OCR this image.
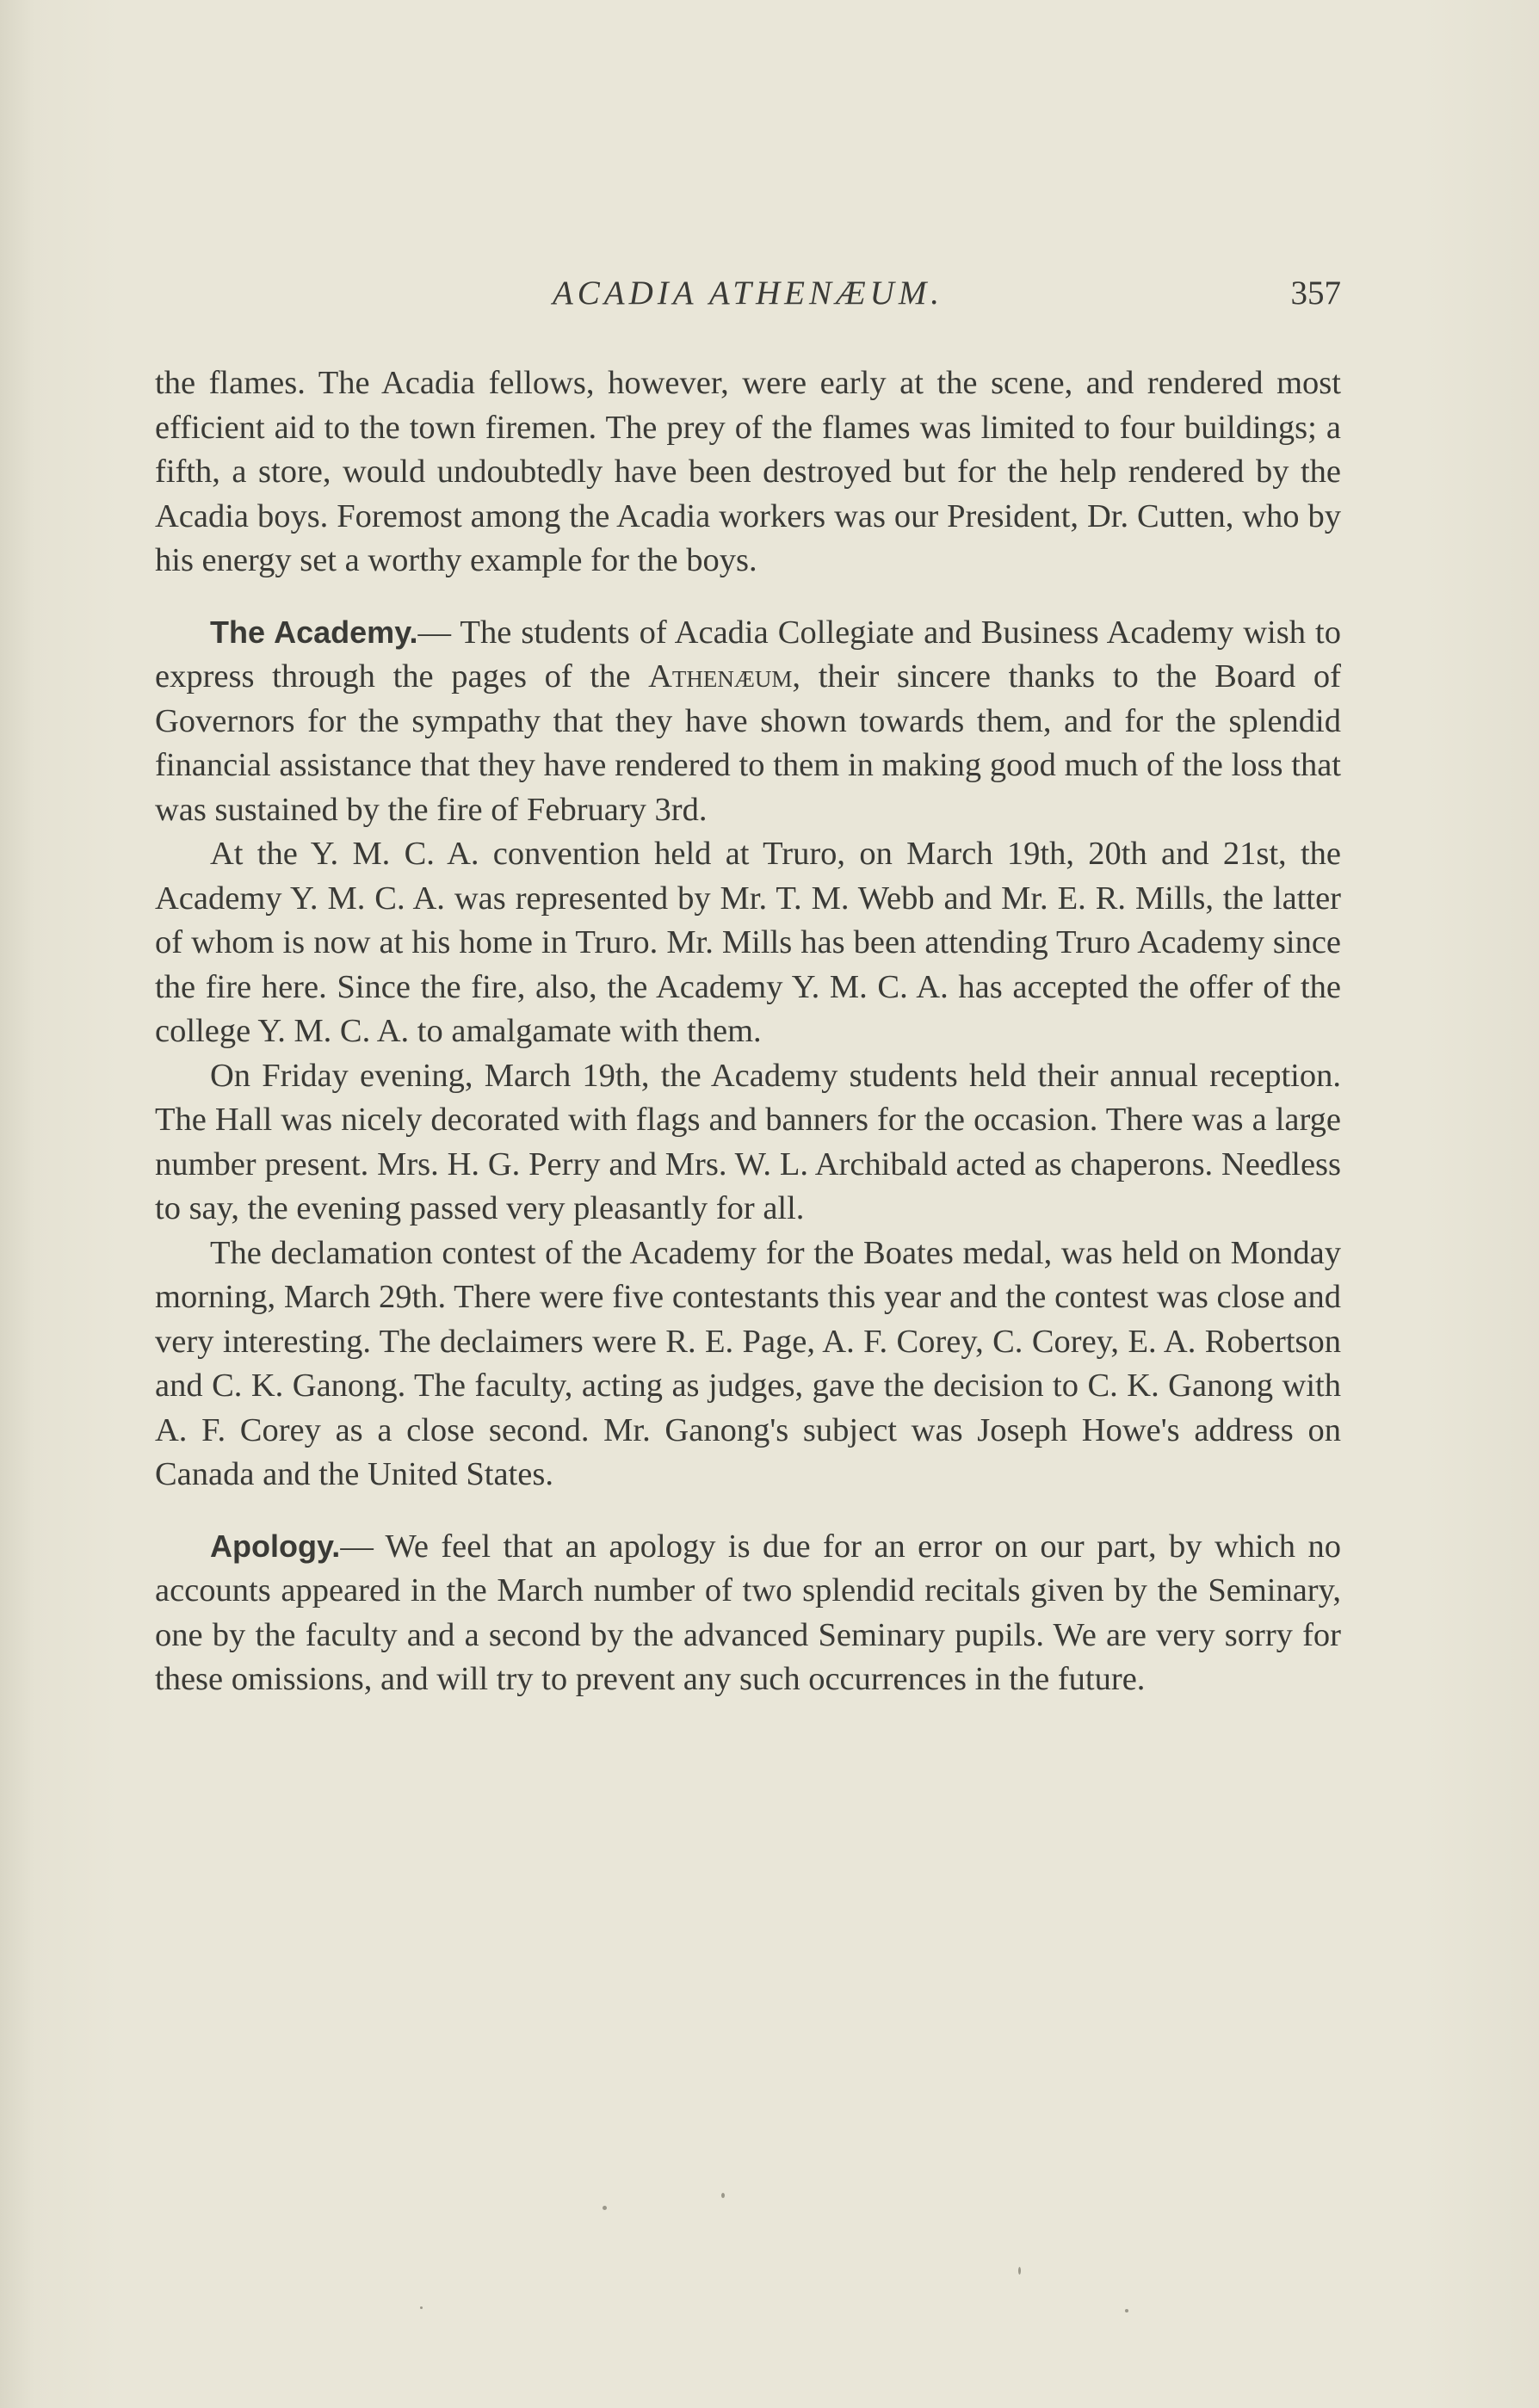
ACADIA ATHENÆUM.	357

the flames. The Acadia fellows, however, were early at the scene, and rendered most efficient aid to the town firemen. The prey of the flames was limited to four buildings; a fifth, a store, would undoubtedly have been destroyed but for the help rendered by the Acadia boys. Foremost among the Acadia workers was our President, Dr. Cutten, who by his energy set a worthy example for the boys.

The Academy.— The students of Acadia Collegiate and Business Academy wish to express through the pages of the Athenæum, their sincere thanks to the Board of Governors for the sympathy that they have shown towards them, and for the splendid financial assistance that they have rendered to them in making good much of the loss that was sustained by the fire of February 3rd.

At the Y. M. C. A. convention held at Truro, on March 19th, 20th and 21st, the Academy Y. M. C. A. was represented by Mr. T. M. Webb and Mr. E. R. Mills, the latter of whom is now at his home in Truro. Mr. Mills has been attending Truro Academy since the fire here. Since the fire, also, the Academy Y. M. C. A. has accepted the offer of the college Y. M. C. A. to amalgamate with them.

On Friday evening, March 19th, the Academy students held their annual reception. The Hall was nicely decorated with flags and banners for the occasion. There was a large number present. Mrs. H. G. Perry and Mrs. W. L. Archibald acted as chaperons. Needless to say, the evening passed very pleasantly for all.

The declamation contest of the Academy for the Boates medal, was held on Monday morning, March 29th. There were five contestants this year and the contest was close and very interesting. The declaimers were R. E. Page, A. F. Corey, C. Corey, E. A. Robertson and C. K. Ganong. The faculty, acting as judges, gave the decision to C. K. Ganong with A. F. Corey as a close second. Mr. Ganong's subject was Joseph Howe's address on Canada and the United States.

Apology.— We feel that an apology is due for an error on our part, by which no accounts appeared in the March number of two splendid recitals given by the Seminary, one by the faculty and a second by the advanced Seminary pupils. We are very sorry for these omissions, and will try to prevent any such occurrences in the future.
